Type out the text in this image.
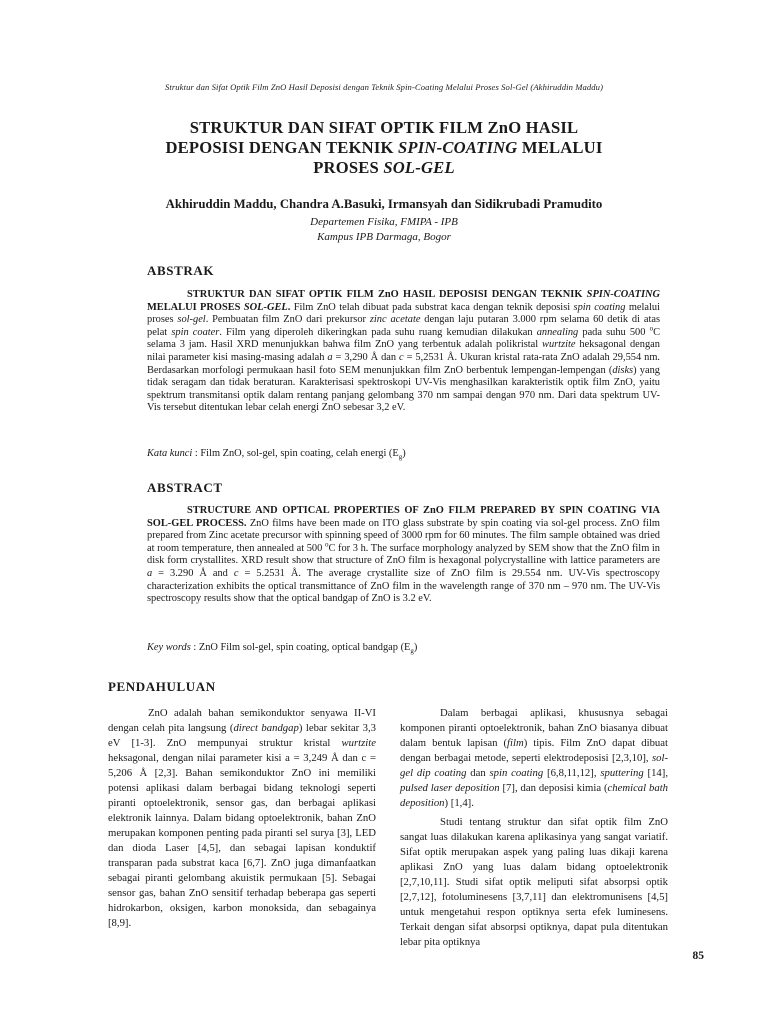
Struktur dan Sifat Optik Film ZnO Hasil Deposisi dengan Teknik Spin-Coating Melalui Proses Sol-Gel (Akhiruddin Maddu)
STRUKTUR DAN SIFAT OPTIK FILM ZnO HASIL
DEPOSISI DENGAN TEKNIK SPIN-COATING MELALUI
PROSES SOL-GEL
Akhiruddin Maddu, Chandra A.Basuki, Irmansyah dan Sidikrubadi Pramudito
Departemen Fisika, FMIPA - IPB
Kampus IPB Darmaga, Bogor
ABSTRAK

STRUKTUR DAN SIFAT OPTIK FILM ZnO HASIL DEPOSISI DENGAN TEKNIK SPIN-COATING MELALUI PROSES SOL-GEL. Film ZnO telah dibuat pada substrat kaca dengan teknik deposisi spin coating melalui proses sol-gel. Pembuatan film ZnO dari prekursor zinc acetate dengan laju putaran 3.000 rpm selama 60 detik di atas pelat spin coater. Film yang diperoleh dikeringkan pada suhu ruang kemudian dilakukan annealing pada suhu 500 $^o$C selama 3 jam. Hasil XRD menunjukkan bahwa film ZnO yang terbentuk adalah polikristal wurtzite heksagonal dengan nilai parameter kisi masing-masing adalah a = 3,290 Å dan c = 5,2531 Å. Ukuran kristal rata-rata ZnO adalah 29,554 nm. Berdasarkan morfologi permukaan hasil foto SEM menunjukkan film ZnO berbentuk lempengan-lempengan (disks) yang tidak seragam dan tidak beraturan. Karakterisasi spektroskopi UV-Vis menghasilkan karakteristik optik film ZnO, yaitu spektrum transmitansi optik dalam rentang panjang gelombang 370 nm sampai dengan 970 nm. Dari data spektrum UV-Vis tersebut ditentukan lebar celah energi ZnO sebesar 3,2 eV.

Kata kunci : Film ZnO, sol-gel, spin coating, celah energi $(E_g)$
ABSTRACT

STRUCTURE AND OPTICAL PROPERTIES OF ZnO FILM PREPARED BY SPIN COATING VIA SOL-GEL PROCESS. ZnO films have been made on ITO glass substrate by spin coating via sol-gel process. ZnO film prepared from Zinc acetate precursor with spinning speed of 3000 rpm for 60 minutes. The film sample obtained was dried at room temperature, then annealed at 500 $^o$C for 3 h. The surface morphology analyzed by SEM show that the ZnO film in disk form crystallites. XRD result show that structure of ZnO film is hexagonal polycrystalline with lattice parameters are a = 3.290 Å and c = 5.2531 Å. The average crystallite size of ZnO film is 29.554 nm. UV-Vis spectroscopy characterization exhibits the optical transmittance of ZnO film in the wavelength range of 370 nm – 970 nm. The UV-Vis spectroscopy results show that the optical bandgap of ZnO is 3.2 eV.

Key words : ZnO Film sol-gel, spin coating, optical bandgap $(E_g)$
PENDAHULUAN

ZnO adalah bahan semikonduktor senyawa II-VI dengan celah pita langsung (direct bandgap) lebar sekitar 3,3 eV [1-3]. ZnO mempunyai struktur kristal wurtzite heksagonal, dengan nilai parameter kisi a = 3,249 Å dan c = 5,206 Å [2,3]. Bahan semikonduktor ZnO ini memiliki potensi aplikasi dalam berbagai bidang teknologi seperti piranti optoelektronik, sensor gas, dan berbagai aplikasi elektronik lainnya. Dalam bidang optoelektronik, bahan ZnO merupakan komponen penting pada piranti sel surya [3], LED dan dioda Laser [4,5], dan sebagai lapisan konduktif transparan pada substrat kaca [6,7]. ZnO juga dimanfaatkan sebagai piranti gelombang akuistik permukaan [5]. Sebagai sensor gas, bahan ZnO sensitif terhadap beberapa gas seperti hidrokarbon, oksigen, karbon monoksida, dan sebagainya [8,9].

Dalam berbagai aplikasi, khususnya sebagai komponen piranti optoelektronik, bahan ZnO biasanya dibuat dalam bentuk lapisan (film) tipis. Film ZnO dapat dibuat dengan berbagai metode, seperti elektrodeposisi [2,3,10], sol-gel dip coating dan spin coating [6,8,11,12], sputtering [14], pulsed laser deposition [7], dan deposisi kimia (chemical bath deposition) [1,4].

Studi tentang struktur dan sifat optik film ZnO sangat luas dilakukan karena aplikasinya yang sangat variatif. Sifat optik merupakan aspek yang paling luas dikaji karena aplikasi ZnO yang luas dalam bidang optoelektronik [2,7,10,11]. Studi sifat optik meliputi sifat absorpsi optik [2,7,12], fotoluminesens [3,7,11] dan elektromunisens [4,5] untuk mengetahui respon optiknya serta efek luminesens. Terkait dengan sifat absorpsi optiknya, dapat pula ditentukan lebar pita optiknya

85
